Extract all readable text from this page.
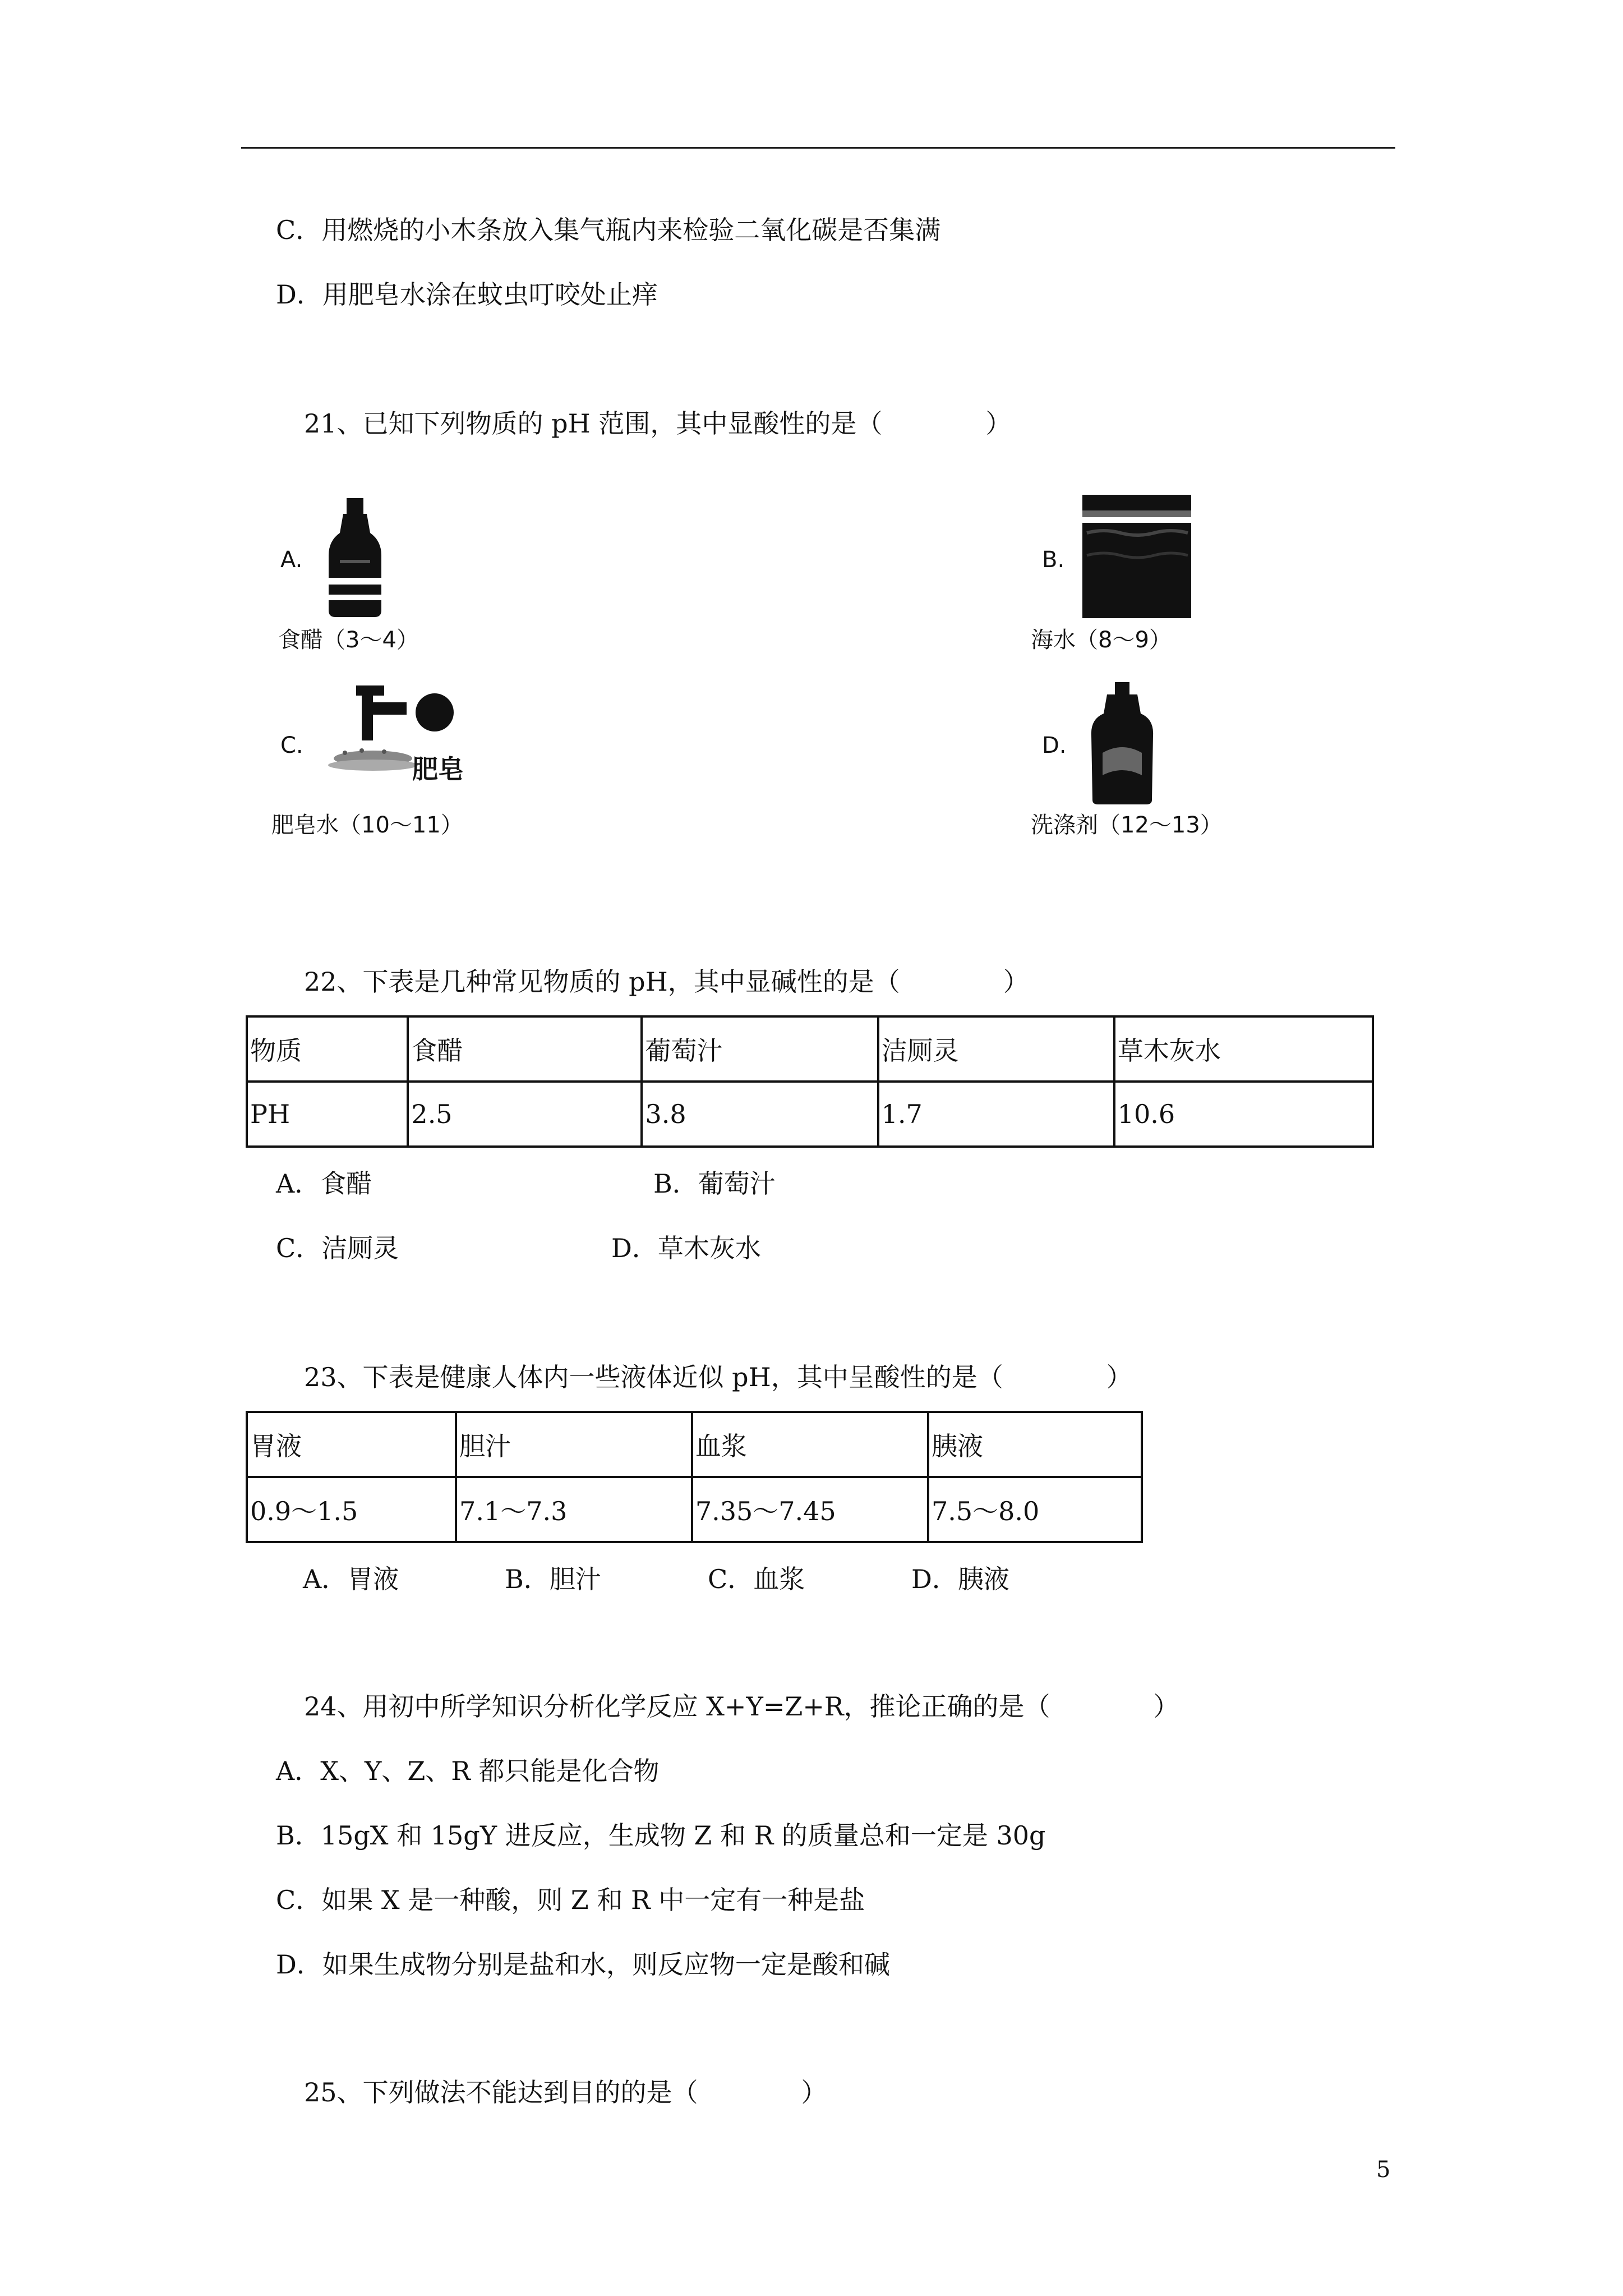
C．用燃烧的小木条放入集气瓶内来检验二氧化碳是否集满
D．用肥皂水涂在蚊虫叮咬处止痒
21、已知下列物质的 pH 范围，其中显酸性的是（　　　　）
A.
食醋（3～4）
B.
海水（8～9）
C.
肥皂
肥皂水（10～11）
D.
洗涤剂（12～13）
22、下表是几种常见物质的 pH，其中显碱性的是（　　　　）
物质	食醋	葡萄汁	洁厕灵	草木灰水
PH	2.5	3.8	1.7	10.6
A．食醋	B．葡萄汁
C．洁厕灵	D．草木灰水
23、下表是健康人体内一些液体近似 pH，其中呈酸性的是（　　　　）
胃液	胆汁	血浆	胰液
0.9～1.5	7.1～7.3	7.35～7.45	7.5～8.0
A．胃液	B．胆汁	C．血浆	D．胰液
24、用初中所学知识分析化学反应 X+Y=Z+R，推论正确的是（　　　　）
A．X、Y、Z、R 都只能是化合物
B．15gX 和 15gY 进反应，生成物 Z 和 R 的质量总和一定是 30g
C．如果 X 是一种酸，则 Z 和 R 中一定有一种是盐
D．如果生成物分别是盐和水，则反应物一定是酸和碱
25、下列做法不能达到目的的是（　　　　）
5
